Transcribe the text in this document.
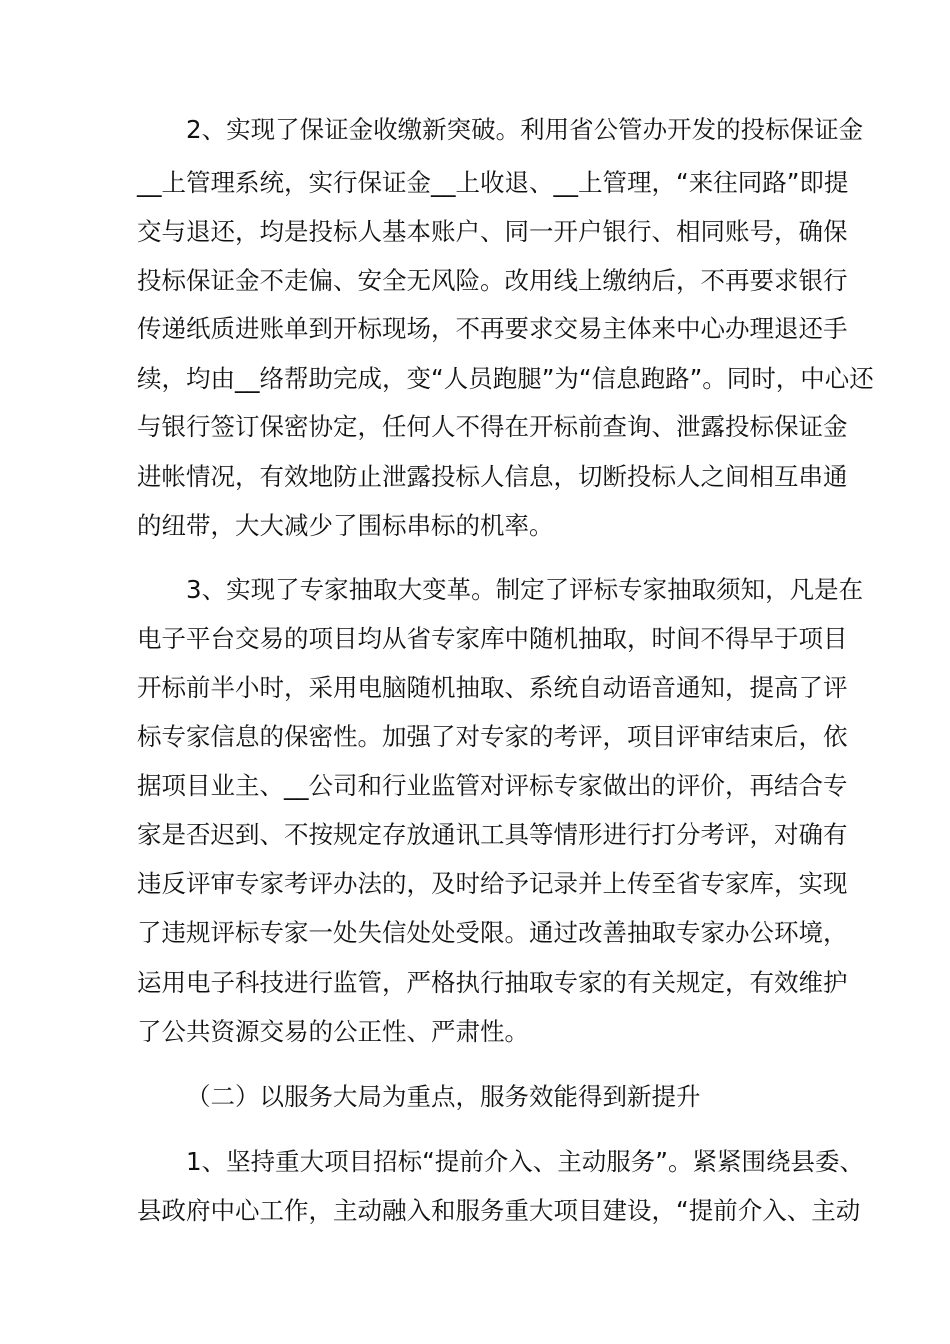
2、实现了保证金收缴新突破。利用省公管办开发的投标保证金
__上管理系统，实行保证金__上收退、__上管理，“来往同路”即提
交与退还，均是投标人基本账户、同一开户银行、相同账号，确保
投标保证金不走偏、安全无风险。改用线上缴纳后，不再要求银行
传递纸质进账单到开标现场，不再要求交易主体来中心办理退还手
续，均由__络帮助完成，变“人员跑腿”为“信息跑路”。同时，中心还
与银行签订保密协定，任何人不得在开标前查询、泄露投标保证金
进帐情况，有效地防止泄露投标人信息，切断投标人之间相互串通
的纽带，大大减少了围标串标的机率。
3、实现了专家抽取大变革。制定了评标专家抽取须知，凡是在
电子平台交易的项目均从省专家库中随机抽取，时间不得早于项目
开标前半小时，采用电脑随机抽取、系统自动语音通知，提高了评
标专家信息的保密性。加强了对专家的考评，项目评审结束后，依
据项目业主、__公司和行业监管对评标专家做出的评价，再结合专
家是否迟到、不按规定存放通讯工具等情形进行打分考评，对确有
违反评审专家考评办法的，及时给予记录并上传至省专家库，实现
了违规评标专家一处失信处处受限。通过改善抽取专家办公环境，
运用电子科技进行监管，严格执行抽取专家的有关规定，有效维护
了公共资源交易的公正性、严肃性。
（二）以服务大局为重点，服务效能得到新提升
1、坚持重大项目招标“提前介入、主动服务”。紧紧围绕县委、
县政府中心工作，主动融入和服务重大项目建设，“提前介入、主动
